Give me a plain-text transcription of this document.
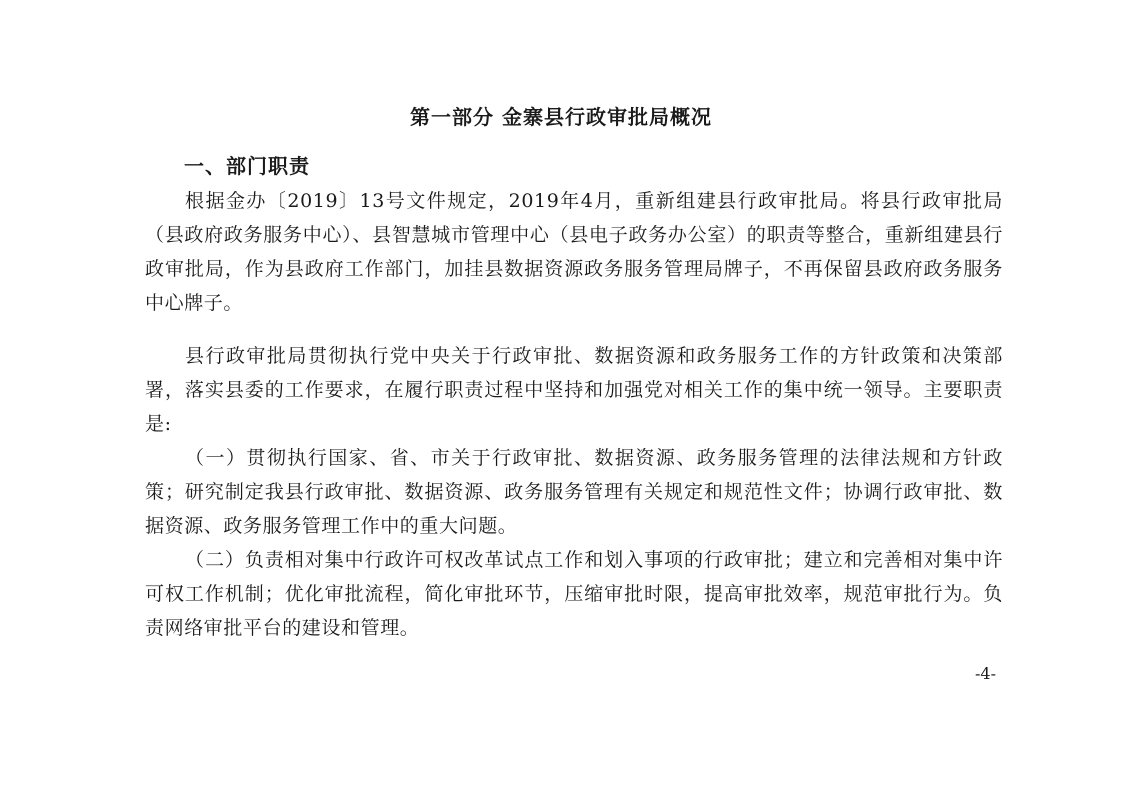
第一部分 金寨县行政审批局概况
一、部门职责

根据金办〔2019〕13号文件规定，2019年4月，重新组建县行政审批局。将县行政审批局（县政府政务服务中心）、县智慧城市管理中心（县电子政务办公室）的职责等整合，重新组建县行政审批局，作为县政府工作部门，加挂县数据资源政务服务管理局牌子，不再保留县政府政务服务中心牌子。

县行政审批局贯彻执行党中央关于行政审批、数据资源和政务服务工作的方针政策和决策部署，落实县委的工作要求，在履行职责过程中坚持和加强党对相关工作的集中统一领导。主要职责是:

（一）贯彻执行国家、省、市关于行政审批、数据资源、政务服务管理的法律法规和方针政策；研究制定我县行政审批、数据资源、政务服务管理有关规定和规范性文件；协调行政审批、数据资源、政务服务管理工作中的重大问题。

（二）负责相对集中行政许可权改革试点工作和划入事项的行政审批；建立和完善相对集中许可权工作机制；优化审批流程，简化审批环节，压缩审批时限，提高审批效率，规范审批行为。负责网络审批平台的建设和管理。

-4-
